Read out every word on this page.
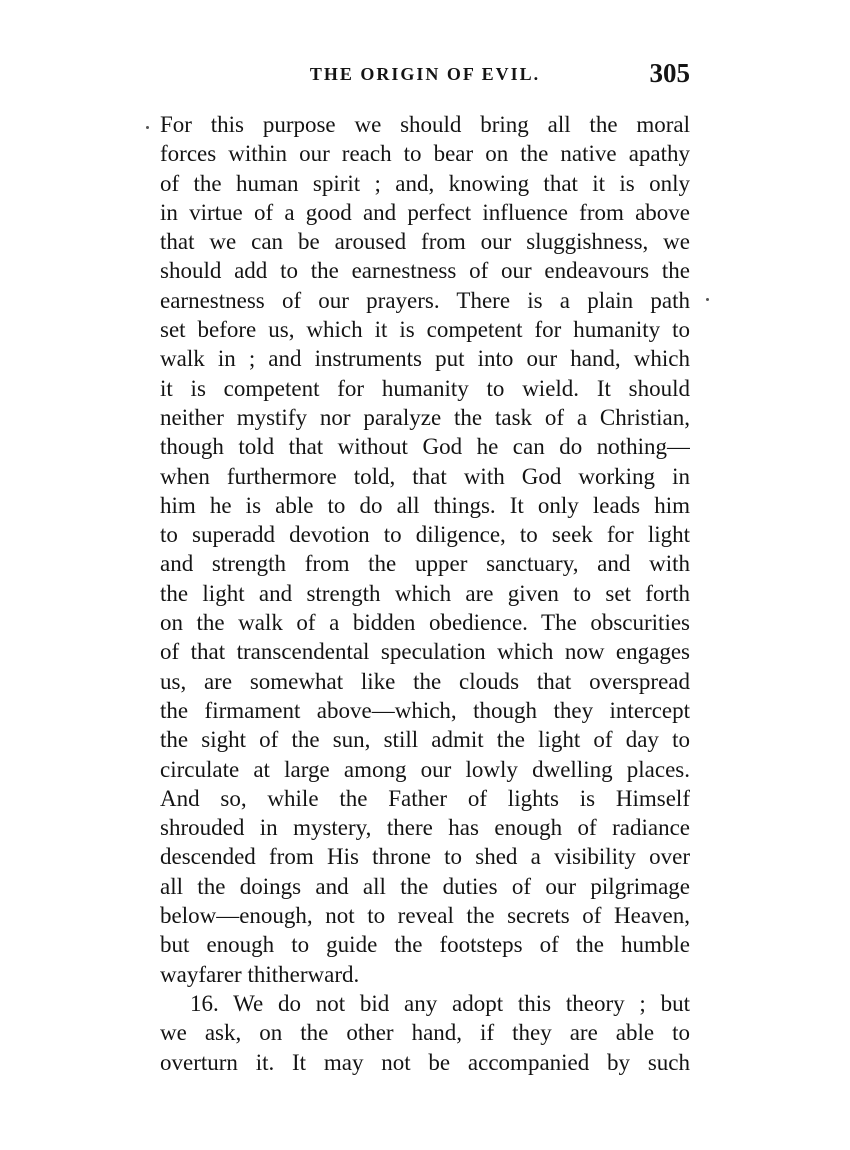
THE ORIGIN OF EVIL.	305
For this purpose we should bring all the moral
forces within our reach to bear on the native apathy
of the human spirit ; and, knowing that it is only
in virtue of a good and perfect influence from above
that we can be aroused from our sluggishness, we
should add to the earnestness of our endeavours the
earnestness of our prayers. There is a plain path
set before us, which it is competent for humanity to
walk in ; and instruments put into our hand, which
it is competent for humanity to wield. It should
neither mystify nor paralyze the task of a Christian,
though told that without God he can do nothing—
when furthermore told, that with God working in
him he is able to do all things. It only leads him
to superadd devotion to diligence, to seek for light
and strength from the upper sanctuary, and with
the light and strength which are given to set forth
on the walk of a bidden obedience. The obscurities
of that transcendental speculation which now engages
us, are somewhat like the clouds that overspread
the firmament above—which, though they intercept
the sight of the sun, still admit the light of day to
circulate at large among our lowly dwelling places.
And so, while the Father of lights is Himself
shrouded in mystery, there has enough of radiance
descended from His throne to shed a visibility over
all the doings and all the duties of our pilgrimage
below—enough, not to reveal the secrets of Heaven,
but enough to guide the footsteps of the humble
wayfarer thitherward.
16. We do not bid any adopt this theory ; but
we ask, on the other hand, if they are able to
overturn it. It may not be accompanied by such
